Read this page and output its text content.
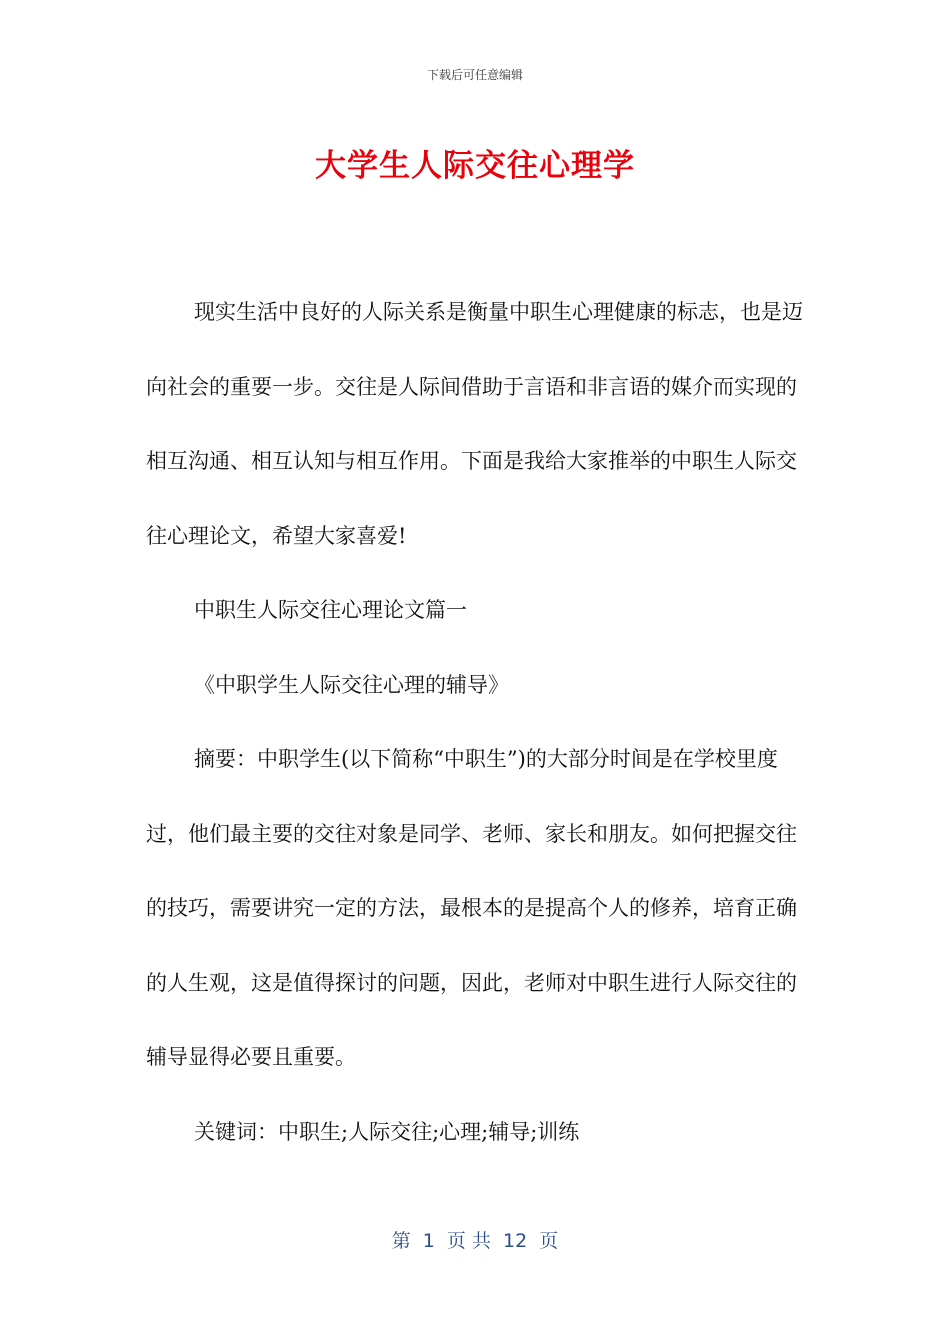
下载后可任意编辑
大学生人际交往心理学

现实生活中良好的人际关系是衡量中职生心理健康的标志，也是迈向社会的重要一步。交往是人际间借助于言语和非言语的媒介而实现的相互沟通、相互认知与相互作用。下面是我给大家推举的中职生人际交往心理论文，希望大家喜爱!

中职生人际交往心理论文篇一

《中职学生人际交往心理的辅导》

摘要：中职学生(以下简称“中职生”)的大部分时间是在学校里度过，他们最主要的交往对象是同学、老师、家长和朋友。如何把握交往的技巧，需要讲究一定的方法，最根本的是提高个人的修养，培育正确的人生观，这是值得探讨的问题，因此，老师对中职生进行人际交往的辅导显得必要且重要。

关键词：中职生;人际交往;心理;辅导;训练

第  1  页 共  12  页
